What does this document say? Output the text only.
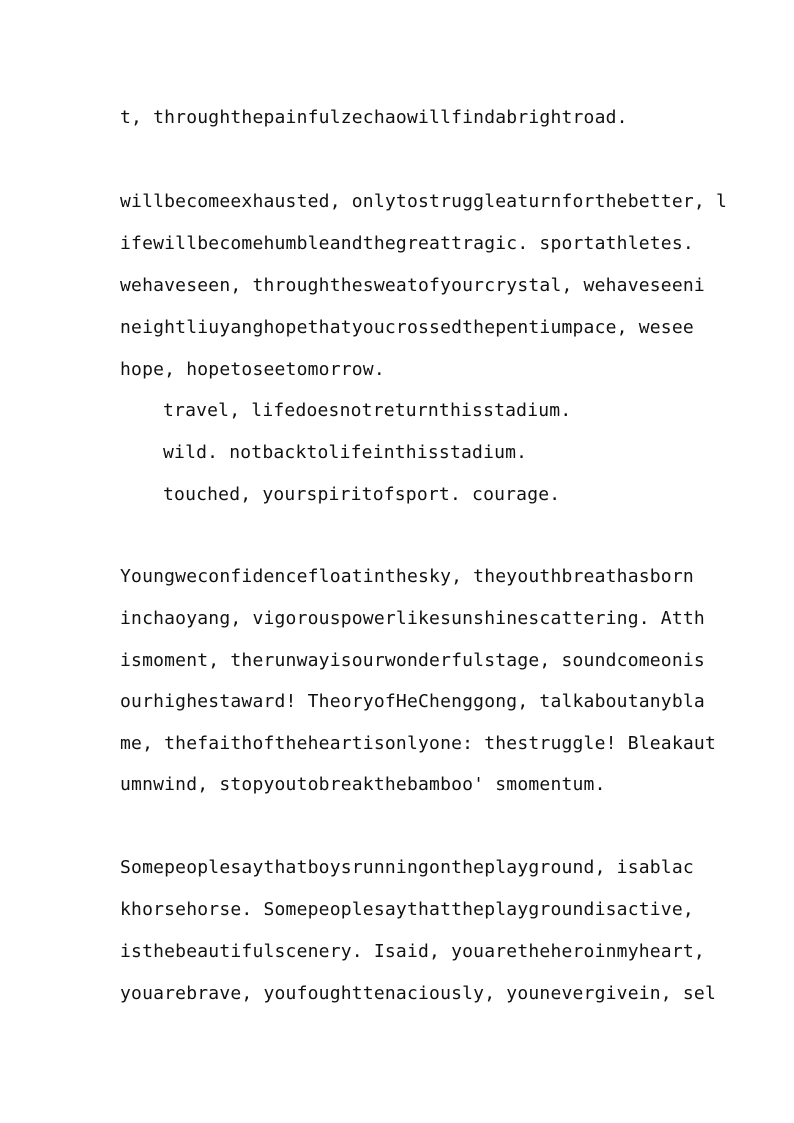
t, throughthepainfulzechaowillfindabrightroad.
willbecomeexhausted, onlytostruggleaturnforthebetter, l
ifewillbecomehumbleandthegreattragic. sportathletes.
wehaveseen, throughthesweatofyourcrystal, wehaveseeni
neightliuyanghopethatyoucrossedthepentiumpace, wesee
hope, hopetoseetomorrow.
travel, lifedoesnotreturnthisstadium.
wild. notbacktolifeinthisstadium.
touched, yourspiritofsport. courage.
Youngweconfidencefloatinthesky, theyouthbreathasborn
inchaoyang, vigorouspowerlikesunshinescattering. Atth
ismoment, therunwayisourwonderfulstage, soundcomeonis
ourhighestaward! TheoryofHeChenggong, talkaboutanybla
me, thefaithoftheheartisonlyone: thestruggle! Bleakaut
umnwind, stopyoutobreakthebamboo' smomentum.
Somepeoplesaythatboysrunningontheplayground, isablac
khorsehorse. Somepeoplesaythattheplaygroundisactive,
isthebeautifulscenery. Isaid, youaretheheroinmyheart,
youarebrave, youfoughttenaciously, younevergivein, sel
